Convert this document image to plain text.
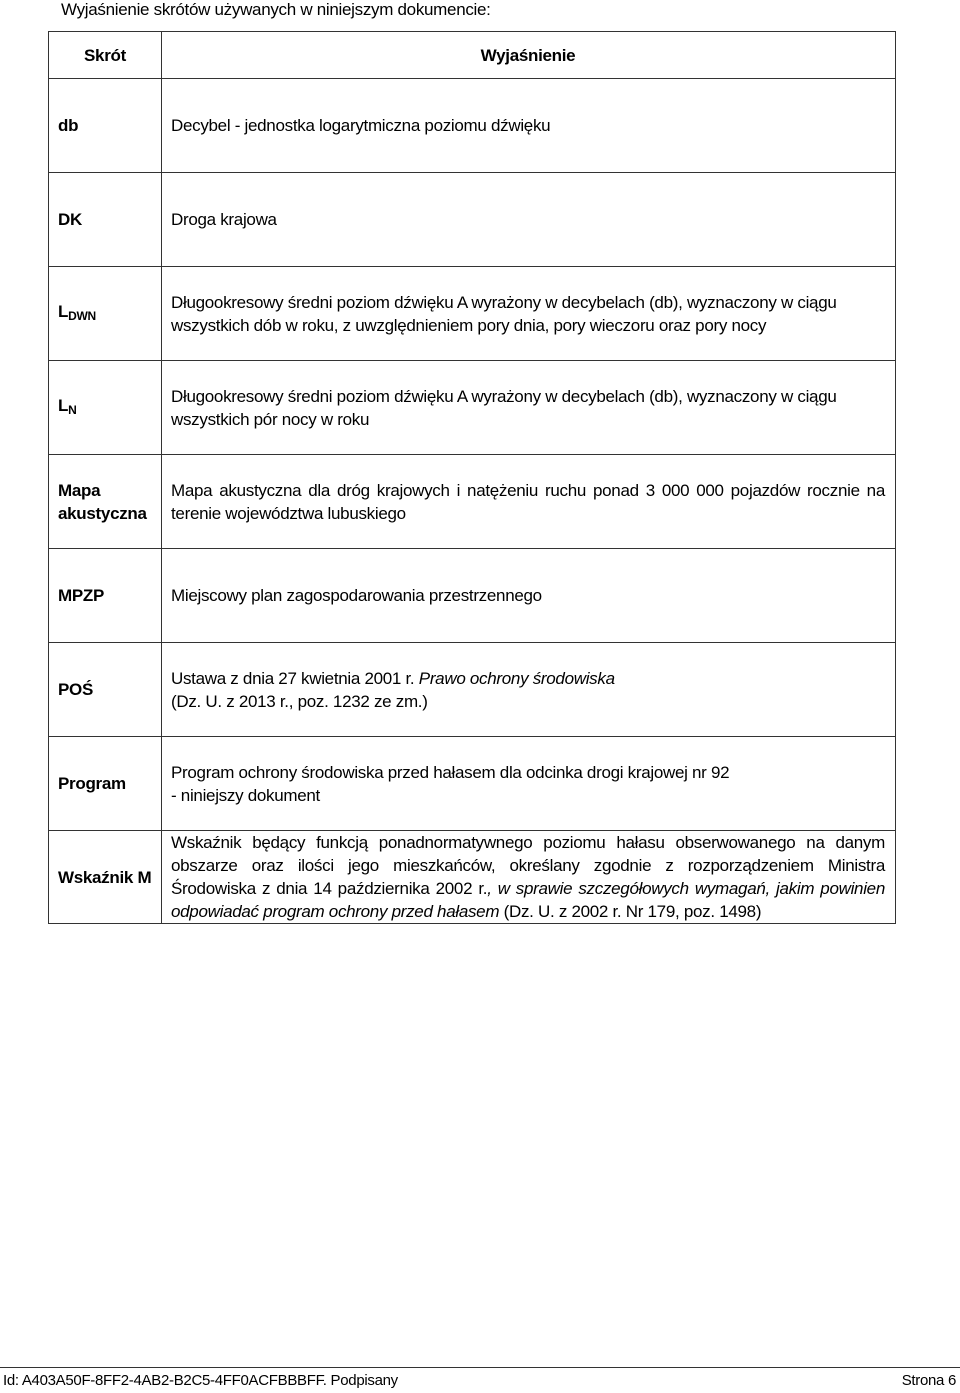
Wyjaśnienie skrótów używanych w niniejszym dokumencie:
Skrót	Wyjaśnienie
db	Decybel - jednostka logarytmiczna poziomu dźwięku
DK	Droga krajowa
$L_{DWN}$	Długookresowy średni poziom dźwięku A wyrażony w decybelach (db), wyznaczony w ciągu wszystkich dób w roku, z uwzględnieniem pory dnia, pory wieczoru oraz pory nocy
$L_N$	Długookresowy średni poziom dźwięku A wyrażony w decybelach (db), wyznaczony w ciągu wszystkich pór nocy w roku
Mapa akustyczna	Mapa akustyczna dla dróg krajowych i natężeniu ruchu ponad 3 000 000 pojazdów rocznie na terenie województwa lubuskiego
MPZP	Miejscowy plan zagospodarowania przestrzennego
POŚ	Ustawa z dnia 27 kwietnia 2001 r. Prawo ochrony środowiska
(Dz. U. z 2013 r., poz. 1232 ze zm.)
Program	Program ochrony środowiska przed hałasem dla odcinka drogi krajowej nr 92
- niniejszy dokument
Wskaźnik M	Wskaźnik będący funkcją ponadnormatywnego poziomu hałasu obserwowanego na danym obszarze oraz ilości jego mieszkańców, określany zgodnie z rozporządzeniem Ministra Środowiska z dnia 14 października 2002 r., w sprawie szczegółowych wymagań, jakim powinien odpowiadać program ochrony przed hałasem (Dz. U. z 2002 r. Nr 179, poz. 1498)
Id: A403A50F-8FF2-4AB2-B2C5-4FF0ACFBBBFF. Podpisany	Strona 6
